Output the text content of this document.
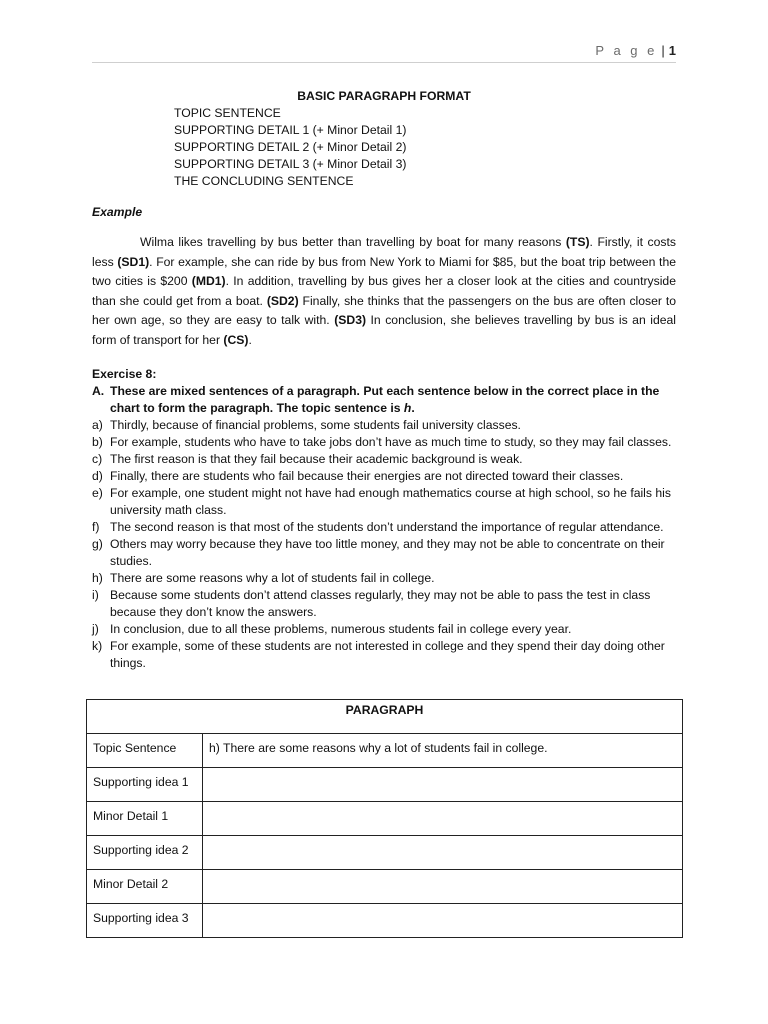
P a g e | 1

BASIC PARAGRAPH FORMAT

TOPIC SENTENCE
SUPPORTING DETAIL 1 (+ Minor Detail 1)
SUPPORTING DETAIL 2 (+ Minor Detail 2)
SUPPORTING DETAIL 3 (+ Minor Detail 3)
THE CONCLUDING SENTENCE

Example

Wilma likes travelling by bus better than travelling by boat for many reasons (TS). Firstly, it costs less (SD1). For example, she can ride by bus from New York to Miami for $85, but the boat trip between the two cities is $200 (MD1). In addition, travelling by bus gives her a closer look at the cities and countryside than she could get from a boat. (SD2) Finally, she thinks that the passengers on the bus are often closer to her own age, so they are easy to talk with. (SD3) In conclusion, she believes travelling by bus is an ideal form of transport for her (CS).

Exercise 8:

A. These are mixed sentences of a paragraph. Put each sentence below in the correct place in the chart to form the paragraph. The topic sentence is h.
a) Thirdly, because of financial problems, some students fail university classes.
b) For example, students who have to take jobs don’t have as much time to study, so they may fail classes.
c) The first reason is that they fail because their academic background is weak.
d) Finally, there are students who fail because their energies are not directed toward their classes.
e) For example, one student might not have had enough mathematics course at high school, so he fails his university math class.
f) The second reason is that most of the students don’t understand the importance of regular attendance.
g) Others may worry because they have too little money, and they may not be able to concentrate on their studies.
h) There are some reasons why a lot of students fail in college.
i) Because some students don’t attend classes regularly, they may not be able to pass the test in class because they don’t know the answers.
j) In conclusion, due to all these problems, numerous students fail in college every year.
k) For example, some of these students are not interested in college and they spend their day doing other things.
PARAGRAPH	
Topic Sentence	h) There are some reasons why a lot of students fail in college.
Supporting idea 1	
Minor Detail 1	
Supporting idea 2	
Minor Detail 2	
Supporting idea 3	
